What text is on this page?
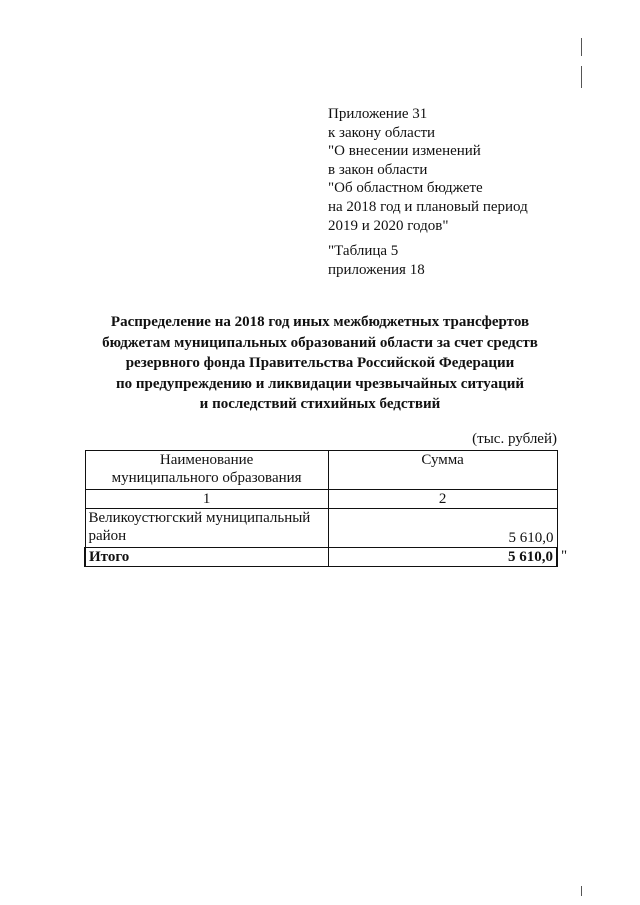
Приложение 31
к закону области
"О внесении изменений
в закон области
"Об областном бюджете
на 2018 год и плановый период
2019 и 2020 годов"
"Таблица 5
приложения 18
Распределение на 2018 год иных межбюджетных трансфертов
бюджетам муниципальных образований области за счет средств
резервного фонда Правительства Российской Федерации
по предупреждению и ликвидации чрезвычайных ситуаций
и последствий стихийных бедствий
(тыс. рублей)
Наименование
муниципального образования	Сумма
1	2

Великоустюгский муниципальный
район	5 610,0
Итого	5 610,0 "
